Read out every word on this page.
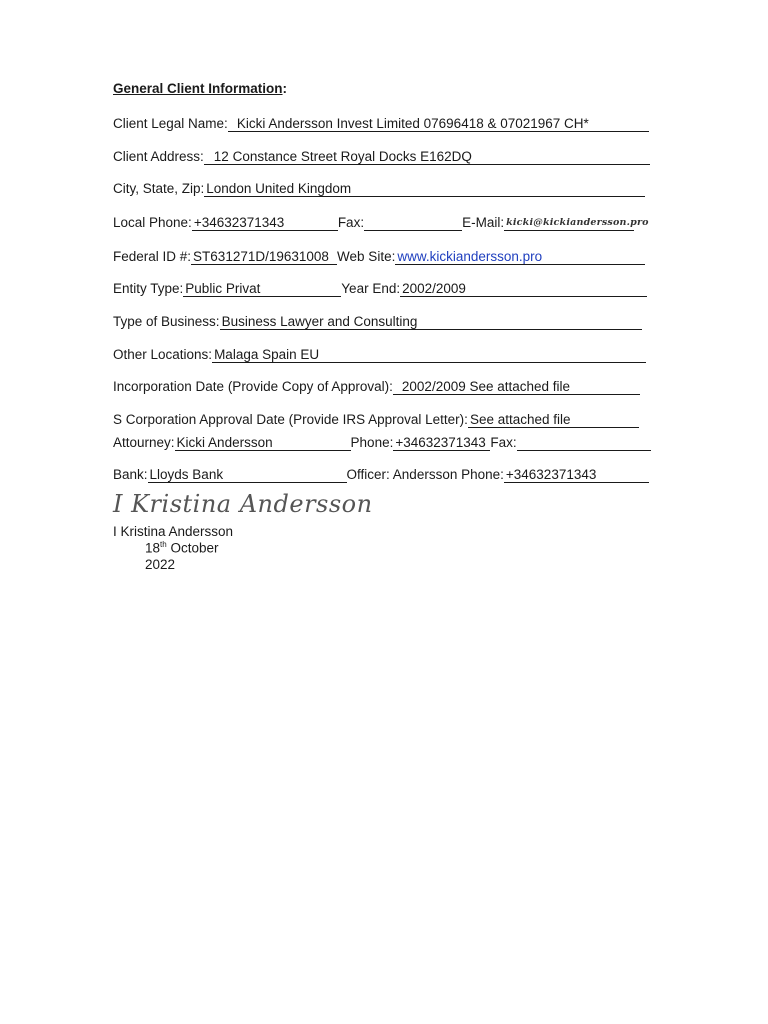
General Client Information:
Client Legal Name: Kicki Andersson Invest Limited 07696418 & 07021967 CH*
Client Address: 12 Constance Street Royal Docks E162DQ
City, State, Zip: London United Kingdom
Local Phone: +34632371343	Fax:	E-Mail: kicki@kickiandersson.pro
Federal ID #: ST631271D/19631008 Web Site: www.kickiandersson.pro
Entity Type: Public Privat	Year End: 2002/2009
Type of Business: Business Lawyer and Consulting
Other Locations: Malaga Spain EU
Incorporation Date (Provide Copy of Approval): 2002/2009 See attached file
S Corporation Approval Date (Provide IRS Approval Letter): See attached file
Attourney: Kicki Andersson	Phone: +34632371343 Fax:
Bank: Lloyds Bank	Officer: Andersson Phone: +34632371343
I Kristina Andersson
I Kristina Andersson
18th October
2022
